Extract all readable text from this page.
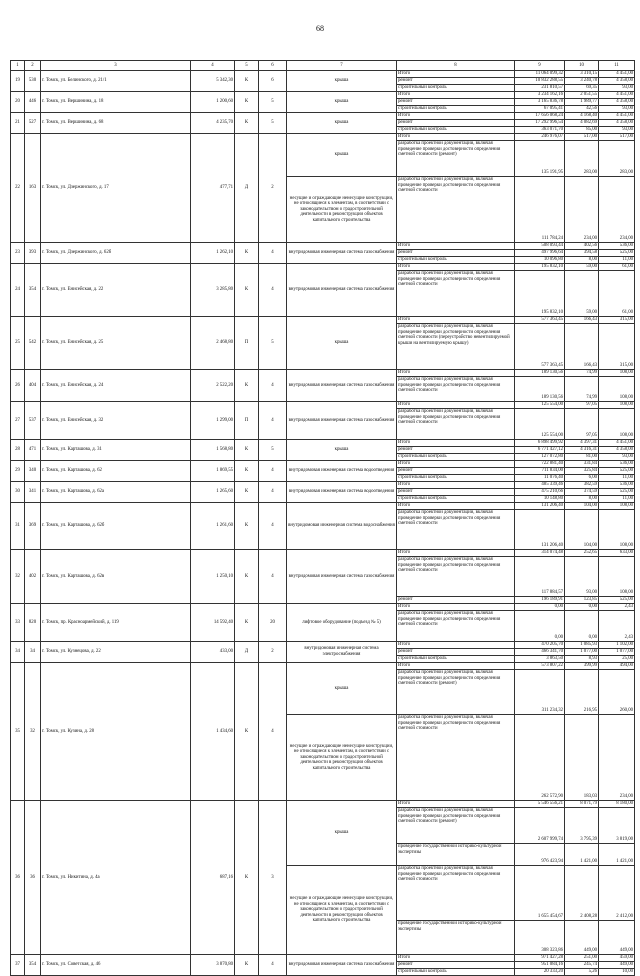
68
1	2	3	4	5	6	7	8	9	10	11
19	530	г. Томск, ул. Белинского, д. 21/1	5 342,30	К	6	крыша	Итого	11 064 099,32	3 310,15	4 451,00
							ремонт	10 832 288,55	3 240,78	4 358,00
							строительный контроль	231 810,57	69,35	93,00
20	446	г. Томск, ул. Вершинина, д. 18	1 200,60	К	5	крыша	Итого	3 234 162,16	2 051,55	4 451,00
							ремонт	3 165 836,78	1 989,77	4 358,00
							строительный контроль	67 095,41	42,56	93,00
21	527	г. Томск, ул. Вершинина, д. 68	4 235,70	К	5	крыша	Итого	17 656 068,24	4 168,40	4 451,00
							ремонт	17 292 996,54	4 082,69	4 358,00
							строительный контроль	363 071,70	85,00	93,00
22	163	г. Томск, ул. Дзержинского, д. 17	477,71	Д	2	крыша	Итого	246 976,07	517,00	517,00
							разработка проектной документации, включая проведение проверки достоверности определения сметной стоимости (ремонт)	135 191,95	283,00	283,00
						несущие и ограждающие ненесущие конструкции, не относящиеся к элементам, в соответствии с законодательством о градостроительной деятельности в реконструкции объектов капитального строительства	разработка проектной документации, включая проведение проверки достоверности определения сметной стоимости	111 784,24	234,00	234,00
23	393	г. Томск, ул. Дзержинского, д. 62б	1 262,10	К	4	внутридомовая инженерная система газоснабжения	Итого	508 093,44	402,56	536,00
							ремонт	497 996,64	394,58	525,00
							строительный контроль	10 096,80	8,00	11,00
24	354	г. Томск, ул. Енисейская, д. 22	3 285,80	К	4	внутридомовая инженерная система газоснабжения	Итого	195 832,10	59,00	61,00
							разработка проектной документации, включая проведение проверки достоверности определения сметной стоимости	195 832,10	59,00	61,00
25	542	г. Томск, ул. Енисейская, д. 25	2 468,80	П	5	крыша	Итого	577 363,45	166,43	315,00
							разработка проектной документации, включая проведение проверки достоверности определения сметной стоимости (переустройство невентилируемой крыши на вентилируемую крышу)	577 363,45	166,43	315,00
26	404	г. Томск, ул. Енисейская, д. 24	2 522,20	К	4	внутридомовая инженерная система газоснабжения	Итого	189 130,56	74,99	108,00
							разработка проектной документации, включая проведение проверки достоверности определения сметной стоимости	189 130,56	74,99	108,00
27	537	г. Томск, ул. Енисейская, д. 32	1 299,00	П	4	внутридомовая инженерная система газоснабжения	Итого	125 554,00	97,05	108,00
							разработка проектной документации, включая проведение проверки достоверности определения сметной стоимости	125 554,00	97,05	108,00
28	471	г. Томск, ул. Карташова, д. 31	1 568,80	К	5	крыша	Итого	6 898 499,92	4 397,31	4 451,00
							ремонт	6 771 427,12	4 316,31	4 358,00
							строительный контроль	127 072,80	81,00	93,00
29	340	г. Томск, ул. Карташова, д. 62	1 869,55	К	4	внутридомовая инженерная система водоотведения	Итого	722 881,40	331,84	536,00
							ремонт	711 834,00	325,84	525,00
							строительный контроль	11 076,40	6,00	11,00
30	341	г. Томск, ул. Карташова, д. 62а	1 265,60	К	4	внутридомовая инженерная система водоотведения	Итого	485 339,46	382,59	536,00
							ремонт	475 210,66	374,59	525,00
							строительный контроль	10 148,80	8,00	11,00
31	369	г. Томск, ул. Карташова, д. 62б	1 261,60	К	4	внутридомовая инженерная система водоснабжения	Итого	131 206,40	104,00	108,00
							разработка проектной документации, включая проведение проверки достоверности определения сметной стоимости	131 206,40	104,00	108,00
32	402	г. Томск, ул. Карташова, д. 62в	1 250,10	К	4	внутридомовая инженерная система газоснабжения	Итого	314 074,48	252,65	633,00
							разработка проектной документации, включая проведение проверки достоверности определения сметной стоимости	117 884,57	93,00	108,00
							ремонт	196 189,91	123,85	525,00
33	820	г. Томск, пр. Красноармейский, д. 119	14 592,40	К	20	лифтовое оборудование (подъезд № 5)	Итого	0,00	0,00	2,43
							разработка проектной документации, включая проведение проверки достоверности определения сметной стоимости	0,00	0,00	2,43
34	34	г. Томск, ул. Кузнецова, д. 22	433,00	Д	2	внутридомовая инженерная система электроснабжения	Итого	470 205,70	1 085,93	1 102,00
							ремонт	466 341,70	1 077,00	1 077,00
							строительный контроль	3 863,50	8,93	25,00
35	32	г. Томск, ул. Кузина, д. 28	1 434,60	К	4	крыша	Итого	573 807,22	399,99	494,00
							разработка проектной документации, включая проведение проверки достоверности определения сметной стоимости (ремонт)	311 234,32	216,95	260,00
						несущие и ограждающие ненесущие конструкции, не относящиеся к элементам, в соответствии с законодательством о градостроительной деятельности в реконструкции объектов капитального строительства	разработка проектной документации, включая проведение проверки достоверности определения сметной стоимости	262 572,90	183,03	234,00
36	36	г. Томск, ул. Никитина, д. 4а	687,16	К	3	крыша	Итого	5 546 556,21	8 071,79	8 180,00
							разработка проектной документации, включая проведение проверки достоверности определения сметной стоимости (ремонт)	2 607 999,74	3 795,39	3 819,00
							проведение государственной историко-культурной экспертизы	976 423,94	1 421,00	1 421,00
						несущие и ограждающие ненесущие конструкции, не относящиеся к элементам, в соответствии с законодательством о градостроительной деятельности в реконструкции объектов капитального строительства	разработка проектной документации, включая проведение проверки достоверности определения сметной стоимости	1 655 454,67	2 408,28	2 412,00
							проведение государственной историко-культурной экспертизы	308 323,86	449,00	449,00
37	354	г. Томск, ул. Советская, д. 46	3 870,80	К	4	внутридомовая инженерная система газоснабжения	Итого	971 427,28	251,00	459,00
							ремонт	951 084,16	245,74	449,00
							строительный контроль	20 333,20	5,26	10,00
